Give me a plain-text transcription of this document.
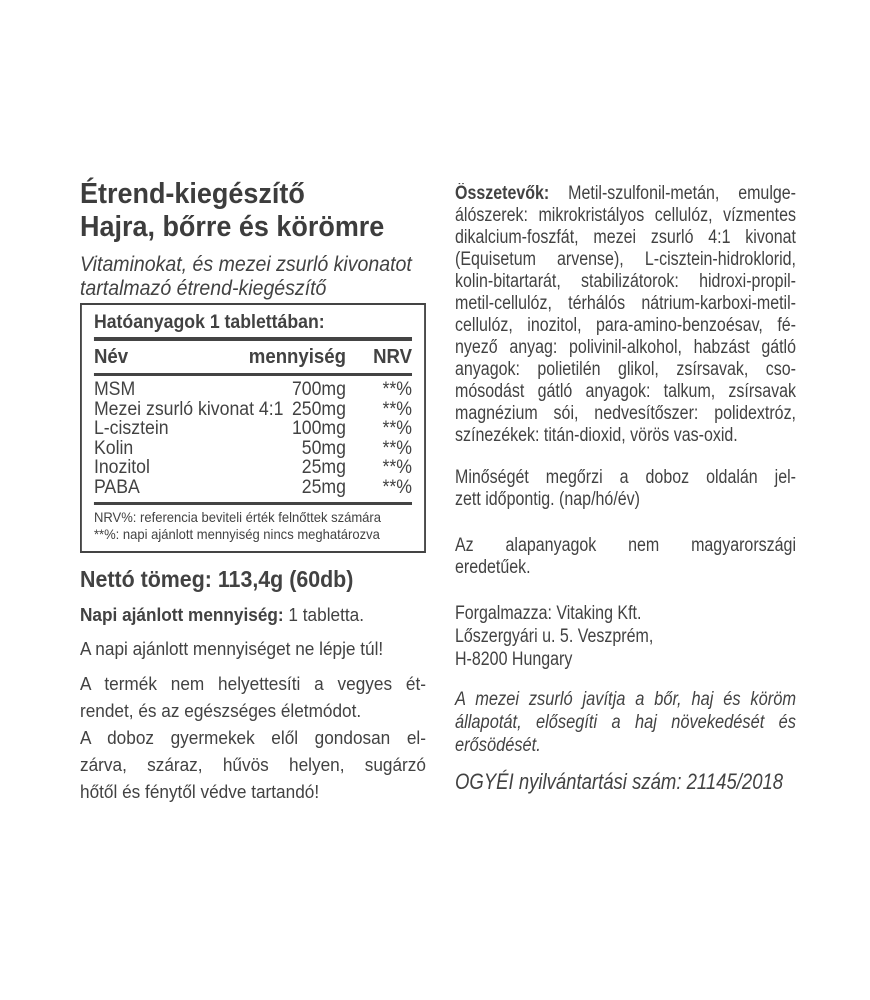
Étrend-kiegészítő
Hajra, bőrre és körömre
Vitaminokat, és mezei zsurló kivonatot
tartalmazó étrend-kiegészítő
Hatóanyagok 1 tablettában:
Név	mennyiség NRV
MSM	700mg **%
Mezei zsurló kivonat 4:1 250mg **%
L-cisztein	100mg **%
Kolin	50mg **%
Inozitol	25mg **%
PABA	25mg **%
NRV%: referencia beviteli érték felnőttek számára
**%: napi ajánlott mennyiség nincs meghatározva
Nettó tömeg: 113,4g (60db)
Napi ajánlott mennyiség: 1 tabletta.
A napi ajánlott mennyiséget ne lépje túl!
A termék nem helyettesíti a vegyes ét-
rendet, és az egészséges életmódot.
A doboz gyermekek elől gondosan el-
zárva, száraz, hűvös helyen, sugárzó
hőtől és fénytől védve tartandó!
Összetevők: Metil-szulfonil-metán, emulge-
álószerek: mikrokristályos cellulóz, vízmentes
dikalcium-foszfát, mezei zsurló 4:1 kivonat
(Equisetum arvense), L-cisztein-hidroklorid,
kolin-bitartarát, stabilizátorok: hidroxi-propil-
metil-cellulóz, térhálós nátrium-karboxi-metil-
cellulóz, inozitol, para-amino-benzoésav, fé-
nyező anyag: polivinil-alkohol, habzást gátló
anyagok: polietilén glikol, zsírsavak, cso-
mósodást gátló anyagok: talkum, zsírsavak
magnézium sói, nedvesítőszer: polidextróz,
színezékek: titán-dioxid, vörös vas-oxid.
Minőségét megőrzi a doboz oldalán jel-
zett időpontig. (nap/hó/év)
Az alapanyagok nem magyarországi
eredetűek.
Forgalmazza: Vitaking Kft.
Lőszergyári u. 5. Veszprém,
H-8200 Hungary
A mezei zsurló javítja a bőr, haj és köröm
állapotát, elősegíti a haj növekedését és
erősödését.
OGYÉI nyilvántartási szám: 21145/2018
